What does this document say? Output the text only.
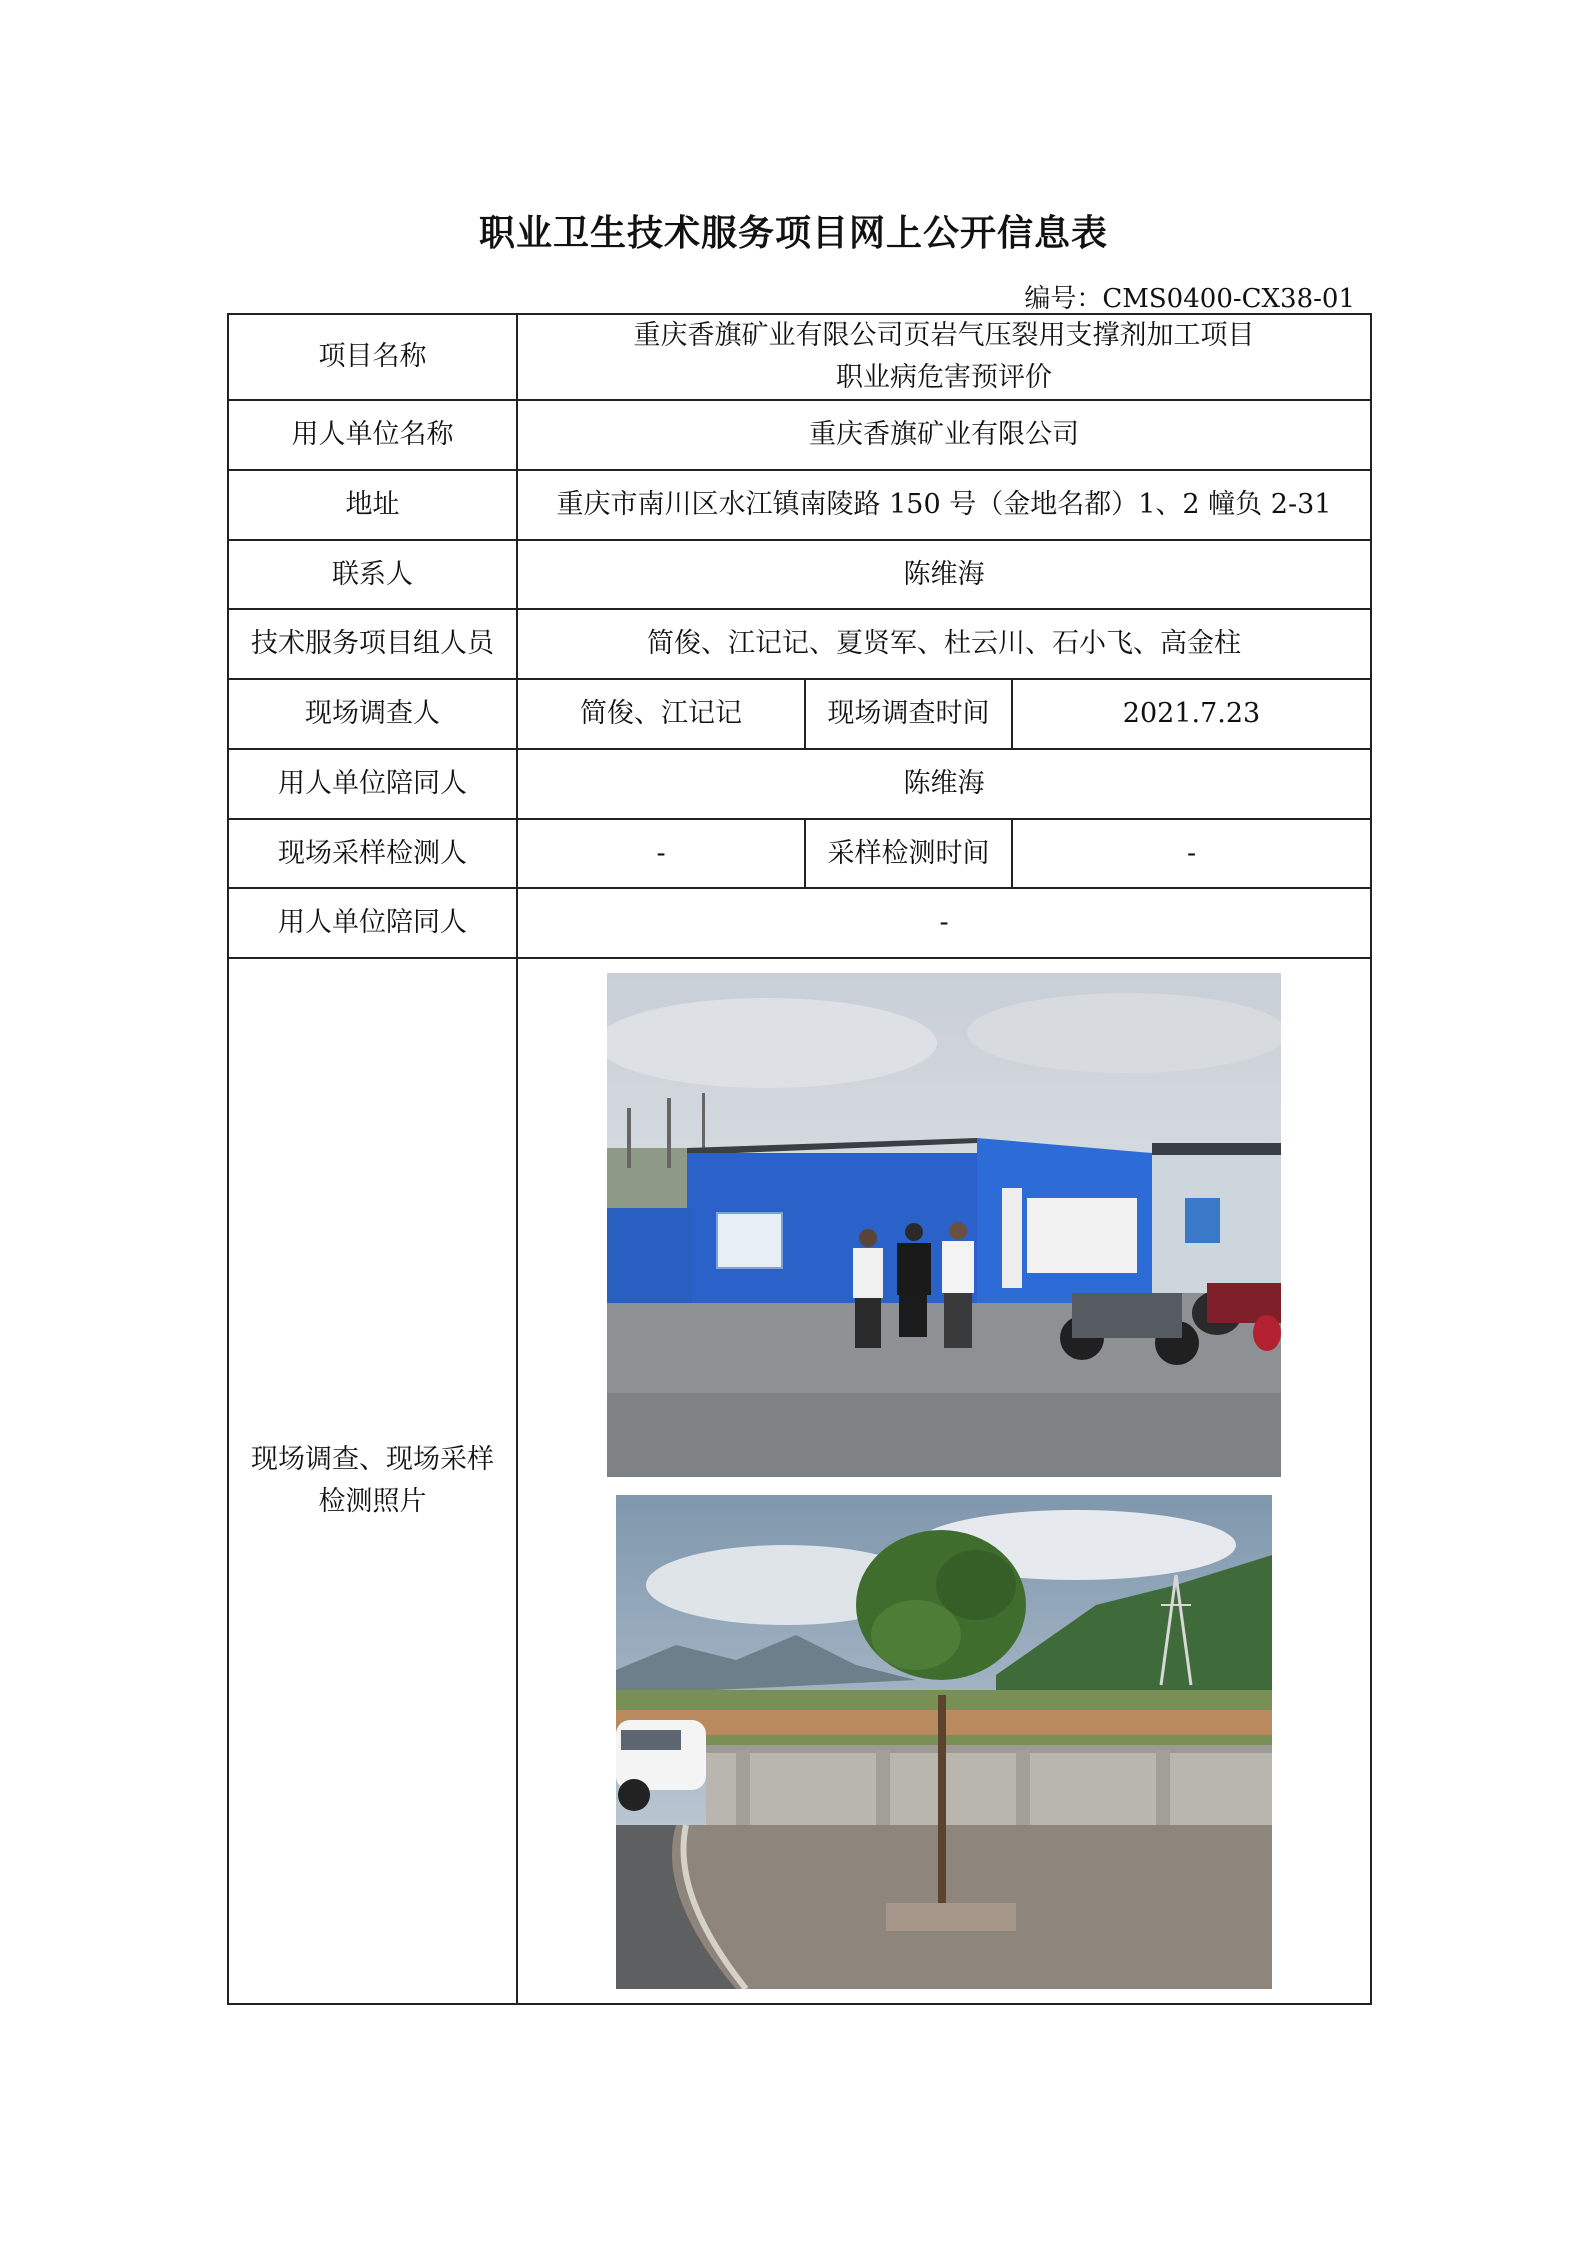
职业卫生技术服务项目网上公开信息表
编号：CMS0400-CX38-01
项目名称	重庆香旗矿业有限公司页岩气压裂用支撑剂加工项目
职业病危害预评价		

用人单位名称	重庆香旗矿业有限公司		
地址	重庆市南川区水江镇南陵路 150 号（金地名都）1、2 幢负 2-31		
联系人	陈维海		
技术服务项目组人员	简俊、江记记、夏贤军、杜云川、石小飞、高金柱		
现场调查人	简俊、江记记	现场调查时间	2021.7.23
用人单位陪同人	陈维海		
现场采样检测人	-	采样检测时间	-
用人单位陪同人	-		

现场调查、现场采样
检测照片
